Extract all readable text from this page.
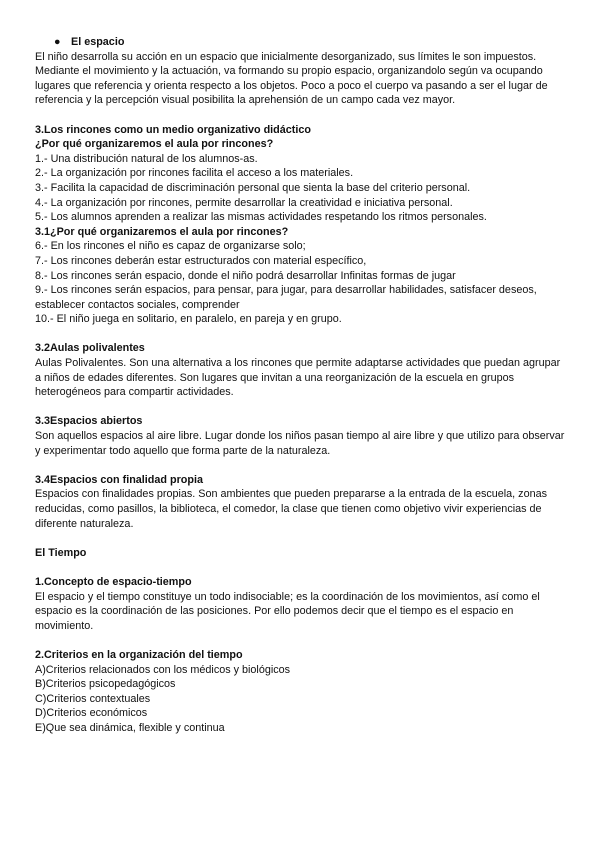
● El espacio

El niño desarrolla su acción en un espacio que inicialmente desorganizado, sus límites le son impuestos. Mediante el movimiento y la actuación, va formando su propio espacio, organizandolo según va ocupando lugares que referencia y orienta respecto a los objetos. Poco a poco el cuerpo va pasando a ser el lugar de referencia y la percepción visual posibilita la aprehensión de un campo cada vez mayor.

3.Los rincones como un medio organizativo didáctico

¿Por qué organizaremos el aula por rincones?

1.- Una distribución natural de los alumnos-as.

2.- La organización por rincones facilita el acceso a los materiales.

3.- Facilita la capacidad de discriminación personal que sienta la base del criterio personal.

4.- La organización por rincones, permite desarrollar la creatividad e iniciativa personal.

5.- Los alumnos aprenden a realizar las mismas actividades respetando los ritmos personales.

3.1¿Por qué organizaremos el aula por rincones?

6.- En los rincones el niño es capaz de organizarse solo;

7.- Los rincones deberán estar estructurados con material específico,

8.- Los rincones serán espacio, donde el niño podrá desarrollar Infinitas formas de jugar

9.- Los rincones serán espacios, para pensar, para jugar, para desarrollar habilidades, satisfacer deseos, establecer contactos sociales, comprender

10.- El niño juega en solitario, en paralelo, en pareja y en grupo.

3.2Aulas polivalentes

Aulas Polivalentes. Son una alternativa a los rincones que permite adaptarse actividades que puedan agrupar a niños de edades diferentes. Son lugares que invitan a una reorganización de la escuela en grupos heterogéneos para compartir actividades.

3.3Espacios abiertos

Son aquellos espacios al aire libre. Lugar donde los niños pasan tiempo al aire libre y que utilizo para observar y experimentar todo aquello que forma parte de la naturaleza.

3.4Espacios con finalidad propia

Espacios con finalidades propias. Son ambientes que pueden prepararse a la entrada de la escuela, zonas reducidas, como pasillos, la biblioteca, el comedor, la clase que tienen como objetivo vivir experiencias de diferente naturaleza.

El Tiempo

1.Concepto de espacio-tiempo

El espacio y el tiempo constituye un todo indisociable; es la coordinación de los movimientos, así como el espacio es la coordinación de las posiciones. Por ello podemos decir que el tiempo es el espacio en movimiento.

2.Criterios en la organización del tiempo

A)Criterios relacionados con los médicos y biológicos

B)Criterios psicopedagógicos

C)Criterios contextuales

D)Criterios económicos

E)Que sea dinámica, flexible y continua
